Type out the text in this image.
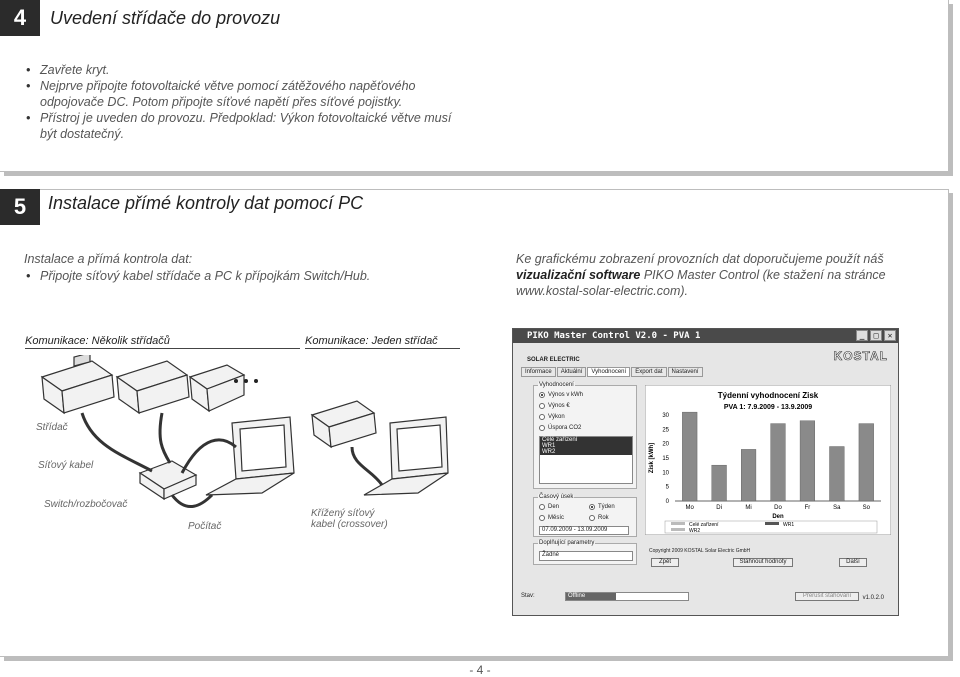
4	Uvedení střídače do provozu
• Zavřete kryt.
• Nejprve připojte fotovoltaické větve pomocí zátěžového napěťového odpojovače DC. Potom připojte síťové napětí přes síťové pojistky.
• Přístroj je uveden do provozu. Předpoklad: Výkon fotovoltaické větve musí být dostatečný.
5	Instalace přímé kontroly dat pomocí PC
Instalace a přímá kontrola dat:
• Připojte síťový kabel střídače a PC k přípojkám Switch/Hub.
Ke grafickému zobrazení provozních dat doporučujeme použít náš vizualizační software PIKO Master Control (ke stažení na stránce www.kostal-solar-electric.com).
Komunikace: Několik střídačů	Komunikace: Jeden střídač
Střídač
Síťový kabel
Switch/rozbočovač
Počítač
Křížený síťový kabel (crossover)
PIKO Master Control V2.0 - PVA 1	_	□	✕
SOLAR ELECTRIC	KOSTAL
Informace	Aktuální	Vyhodnocení	Export dat	Nastavení
Vyhodnocení
Výnos v kWh
Výnos €
Výkon
Úspora CO2
Celé zařízení
WR1
WR2
Časový úsek
Den	Týden
Měsíc	Rok
07.09.2009 - 13.09.2009
Doplňující parametry
Žádné
Týdenní vyhodnocení Zisk
PVA 1: 7.9.2009 - 13.9.2009
0
5
10
15
20
25
30
Zisk [kWh]
Mo	Di	Mi	Do	Fr	Sa	So
Den
Celé zařízení	WR1
WR2
Copyright 2009 KOSTAL Solar Electric GmbH
Zpět	Stáhnout hodnoty	Další
Stav:	Offline	Přerušit stahování	v1.0.2.0
- 4 -
